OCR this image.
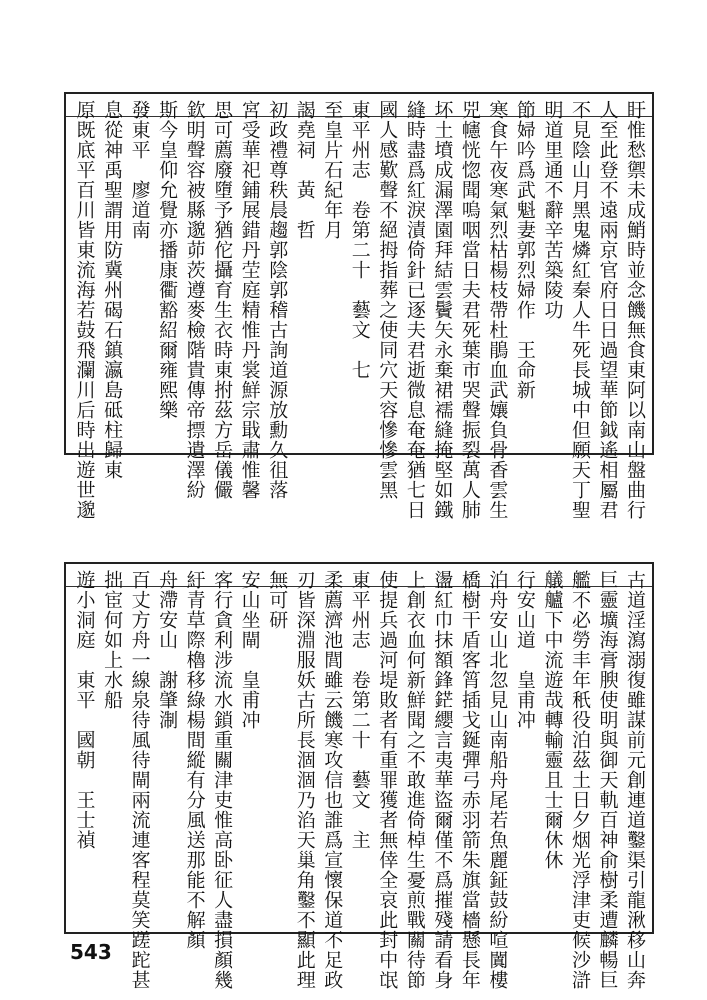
盱惟愁禦未成鮹時並念饑無食東阿以南山盤曲行
人至此登不遠兩京官府日日過望華節鉞遙相屬君
不見陰山月黑鬼燐紅秦人牛死長城中但願天丁聖
明道里通不辭辛苦築陵功
節婦吟爲武魁妻郭烈婦作　王命新
寒食午夜寒氣烈枯楊枝帶杜鵑血武孃負骨香雲生
兕幰恍惚聞嗚咽當日夫君死葉市哭聲振裂萬人肺
坏土墳成漏澤園拜結雲鬢矢永棄裙襦縫掩堅如鐵
縫時盡爲紅淚漬倚針已逐夫君逝微息奄奄猶七日
國人感歎聲不絕拇指葬之使同穴天容慘慘雲黑
東平州志　卷第二十　藝文　七
至皇片石紀年月
謁堯祠　黃　哲
初政禮尊秩晨趨郭陰郭稽古詢道源放勳久徂落
宮受華祀鋪展錯丹茔庭精惟丹裳鮮宗戢肅惟馨
思可薦廢墮予猶佗攝育生衣時東拊茲方岳儀儼
欽明聲容被縣邈茆茨遵麥檢階貴傳帝摽遺澤紛
斯今皇仰允覺亦播康衢豁紹爾雍熙樂
發東平　廖道南
息從神禹聖謂用防冀州碣石鎮瀛島砥柱歸東
原既底平百川皆東流海若鼓飛瀾川后時出遊世邈
古道淫瀉溺復雖謀前元創連道鑿渠引龍湫移山奔
巨靈壙海膏腴使明與御天軌百神俞樹柔遭麟暢巨
艦不必勞丰年秖役泊茲土日夕烟光浮津吏候沙滸
艤艫下中流遊哉轉輸靈且士爾休休
行安山道　皇甫冲
泊舟安山北忽見山南船舟尾若魚麗鉦鼓紛喧闐樓
橋樹干盾客筲插戈鋋彈弓赤羽箭朱旗當檣懸長年
盪紅巾抹額鋒鋩纓言夷華盜爾僅不爲摧殘請看身
上創衣血何新鮮聞之不敢進倚棹生憂煎戰關待節
使提兵過河堤敗者有重罪獲者無倖全哀此封中氓
東平州志　卷第二十　藝文　主
柔薦濟池閭雖云饑寒攻信也誰爲宣懷保道不足政
刃皆深淵服妖古所長涸涸乃淊天巢角鑿不顯此理
無可研
安山坐閘　皇甫冲
客行貪利涉流水鎖重關津吏惟高卧征人盡損顏幾
紆青草際櫓移綠楊間縱有分風送那能不解顏
舟滯安山　謝肇淛
百丈方舟一線泉待風待閘兩流連客程莫笑蹉跎甚
拙宦何如上水船
遊小洞庭　東平　國朝　王士禎
543
